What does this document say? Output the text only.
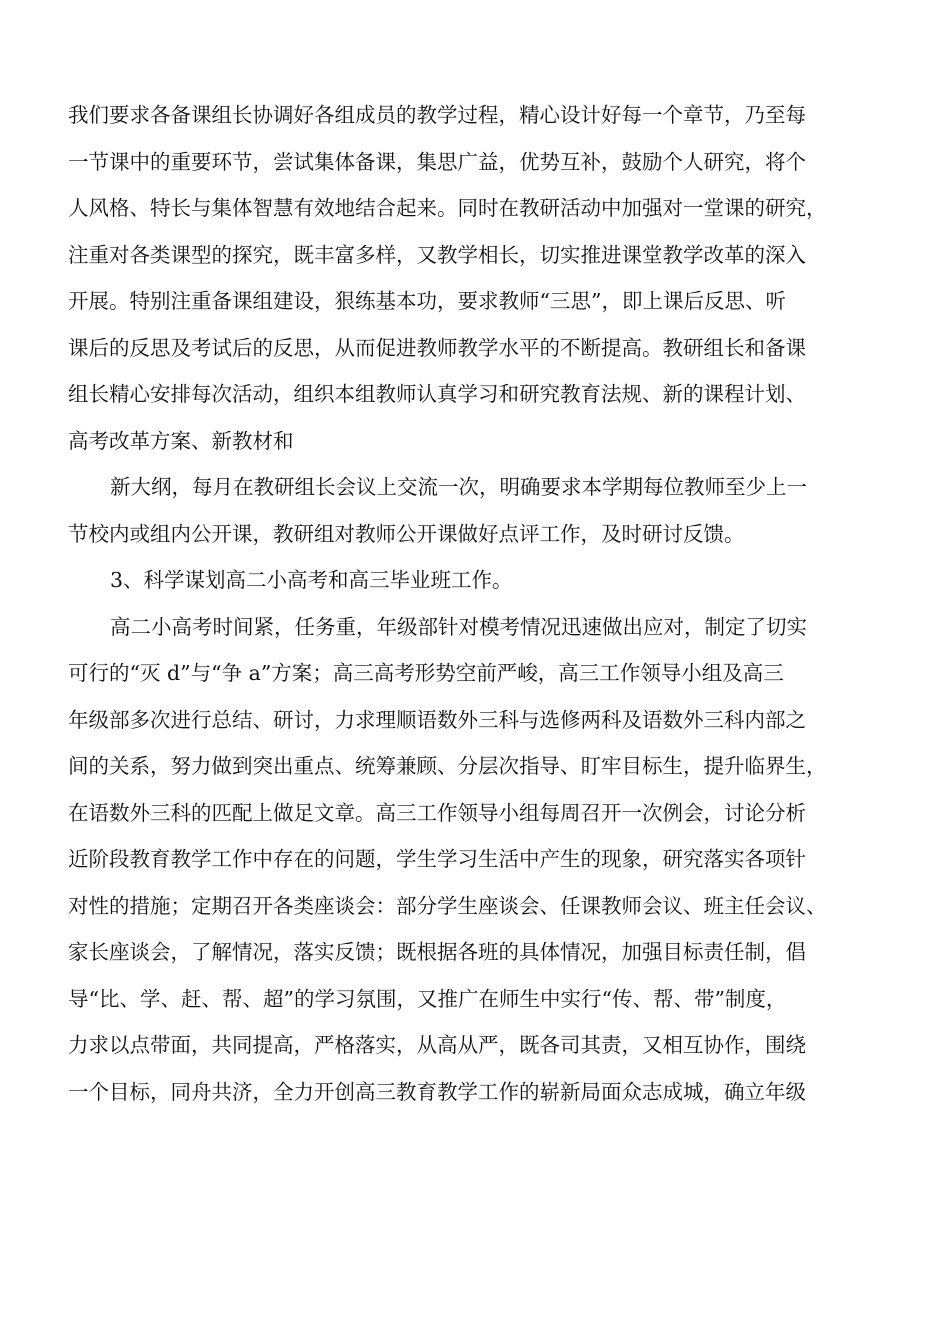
我们要求各备课组长协调好各组成员的教学过程，精心设计好每一个章节，乃至每
一节课中的重要环节，尝试集体备课，集思广益，优势互补，鼓励个人研究，将个
人风格、特长与集体智慧有效地结合起来。同时在教研活动中加强对一堂课的研究，
注重对各类课型的探究，既丰富多样，又教学相长，切实推进课堂教学改革的深入
开展。特别注重备课组建设，狠练基本功，要求教师“三思”，即上课后反思、听
课后的反思及考试后的反思，从而促进教师教学水平的不断提高。教研组长和备课
组长精心安排每次活动，组织本组教师认真学习和研究教育法规、新的课程计划、
高考改革方案、新教材和
新大纲，每月在教研组长会议上交流一次，明确要求本学期每位教师至少上一
节校内或组内公开课，教研组对教师公开课做好点评工作，及时研讨反馈。
3、科学谋划高二小高考和高三毕业班工作。
高二小高考时间紧，任务重，年级部针对模考情况迅速做出应对，制定了切实
可行的“灭 d”与“争 a”方案；高三高考形势空前严峻，高三工作领导小组及高三
年级部多次进行总结、研讨，力求理顺语数外三科与选修两科及语数外三科内部之
间的关系，努力做到突出重点、统筹兼顾、分层次指导、盯牢目标生，提升临界生，
在语数外三科的匹配上做足文章。高三工作领导小组每周召开一次例会，讨论分析
近阶段教育教学工作中存在的问题，学生学习生活中产生的现象，研究落实各项针
对性的措施；定期召开各类座谈会：部分学生座谈会、任课教师会议、班主任会议、
家长座谈会，了解情况，落实反馈；既根据各班的具体情况，加强目标责任制，倡
导“比、学、赶、帮、超”的学习氛围，又推广在师生中实行“传、帮、带”制度，
力求以点带面，共同提高，严格落实，从高从严，既各司其责，又相互协作，围绕
一个目标，同舟共济，全力开创高三教育教学工作的崭新局面众志成城，确立年级
